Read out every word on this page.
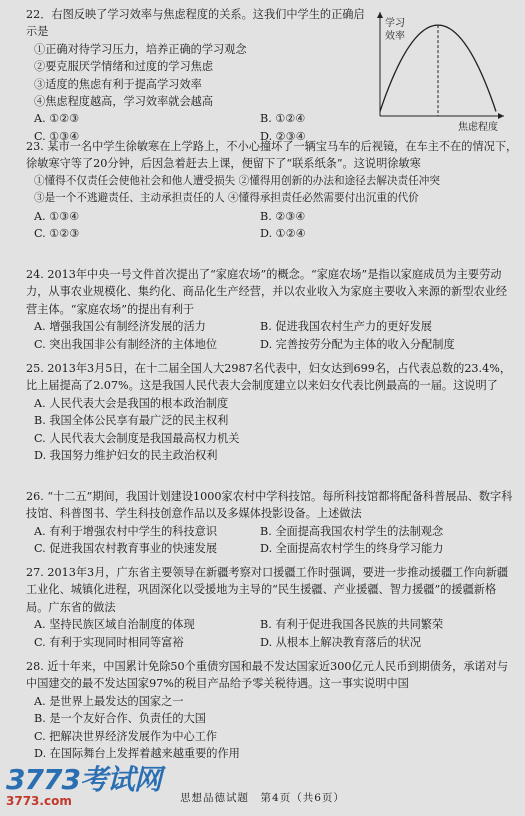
22．右图反映了学习效率与焦虑程度的关系。这我们中学生的正确启示是
①正确对待学习压力，培养正确的学习观念
②要克服厌学情绪和过度的学习焦虑
③适度的焦虑有利于提高学习效率
④焦虑程度越高，学习效率就会越高
A. ①②③	B. ①②④
C. ①③④	D. ②③④
学习
效率
焦虑程度
23. 某市一名中学生徐敏寒在上学路上，不小心撞坏了一辆宝马车的后视镜，在车主不在的情况下，徐敏寒守等了20分钟，后因急着赶去上课，便留下了“联系纸条”。这说明徐敏寒
①懂得不仅责任会使他社会和他人遭受损失 ②懂得用创新的办法和途径去解决责任冲突
③是一个不逃避责任、主动承担责任的人 ④懂得承担责任必然需要付出沉重的代价
A. ①③④	B. ②③④
C. ①②③	D. ①②④
24. 2013年中央一号文件首次提出了“家庭农场”的概念。“家庭农场”是指以家庭成员为主要劳动力，从事农业规模化、集约化、商品化生产经营，并以农业收入为家庭主要收入来源的新型农业经营主体。“家庭农场”的提出有利于
A. 增强我国公有制经济发展的活力	B. 促进我国农村生产力的更好发展
C. 突出我国非公有制经济的主体地位	D. 完善按劳分配为主体的收入分配制度
25. 2013年3月5日，在十二届全国人大2987名代表中，妇女达到699名，占代表总数的23.4%，比上届提高了2.07%。这是我国人民代表大会制度建立以来妇女代表比例最高的一届。这说明了
A. 人民代表大会是我国的根本政治制度
B. 我国全体公民享有最广泛的民主权利
C. 人民代表大会制度是我国最高权力机关
D. 我国努力维护妇女的民主政治权利
26. “十二五”期间，我国计划建设1000家农村中学科技馆。每所科技馆都将配备科普展品、数字科技馆、科普图书、学生科技创意作品以及多媒体投影设备。上述做法
A. 有利于增强农村中学生的科技意识	B. 全面提高我国农村学生的法制观念
C. 促进我国农村教育事业的快速发展	D. 全面提高农村学生的终身学习能力
27. 2013年3月，广东省主要领导在新疆考察对口援疆工作时强调，要进一步推动援疆工作向新疆工业化、城镇化进程，巩固深化以受援地为主导的“民生援疆、产业援疆、智力援疆”的援疆新格局。广东省的做法
A. 坚持民族区域自治制度的体现	B. 有利于促进我国各民族的共同繁荣
C. 有利于实现同时相同等富裕	D. 从根本上解决教育落后的状况
28. 近十年来，中国累计免除50个重债穷国和最不发达国家近300亿元人民币到期债务，承诺对与中国建交的最不发达国家97%的税目产品给予零关税待遇。这一事实说明中国
A. 是世界上最发达的国家之一
B. 是一个友好合作、负责任的大国
C. 把解决世界经济发展作为中心工作
D. 在国际舞台上发挥着越来越重要的作用
3773考试网
3773.com	思想品德试题　第4页（共6页）
